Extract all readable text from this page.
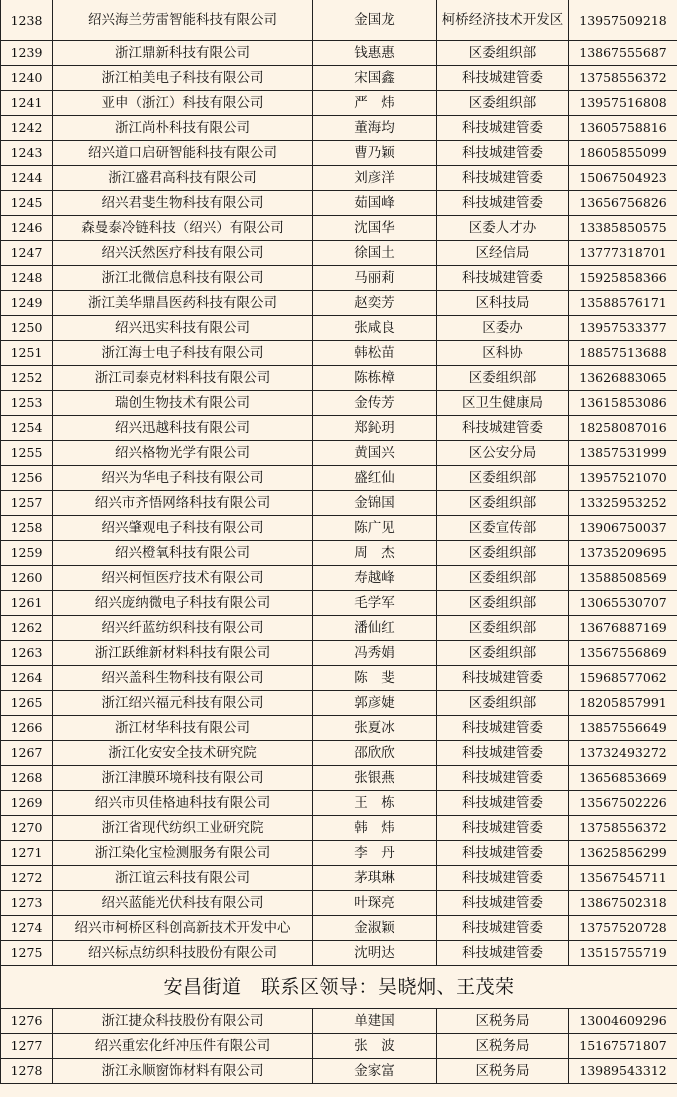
1238	绍兴海兰劳雷智能科技有限公司	金国龙	柯桥经济技术开发区	13957509218
1239	浙江鼎新科技有限公司	钱惠惠	区委组织部	13867555687
1240	浙江柏美电子科技有限公司	宋国鑫	科技城建管委	13758556372
1241	亚申（浙江）科技有限公司	严　炜	区委组织部	13957516808
1242	浙江尚朴科技有限公司	董海均	科技城建管委	13605758816
1243	绍兴道口启研智能科技有限公司	曹乃颖	科技城建管委	18605855099
1244	浙江盛君高科技有限公司	刘彦洋	科技城建管委	15067504923
1245	绍兴君斐生物科技有限公司	茹国峰	科技城建管委	13656756826
1246	森曼泰冷链科技（绍兴）有限公司	沈国华	区委人才办	13385850575
1247	绍兴沃然医疗科技有限公司	徐国土	区经信局	13777318701
1248	浙江北微信息科技有限公司	马丽莉	科技城建管委	15925858366
1249	浙江美华鼎昌医药科技有限公司	赵奕芳	区科技局	13588576171
1250	绍兴迅实科技有限公司	张咸良	区委办	13957533377
1251	浙江海士电子科技有限公司	韩松苗	区科协	18857513688
1252	浙江司泰克材料科技有限公司	陈栋樟	区委组织部	13626883065
1253	瑞创生物技术有限公司	金传芳	区卫生健康局	13615853086
1254	绍兴迅越科技有限公司	郑鈊玥	科技城建管委	18258087016
1255	绍兴格物光学有限公司	黄国兴	区公安分局	13857531999
1256	绍兴为华电子科技有限公司	盛红仙	区委组织部	13957521070
1257	绍兴市齐悟网络科技有限公司	金锦国	区委组织部	13325953252
1258	绍兴肇观电子科技有限公司	陈广见	区委宣传部	13906750037
1259	绍兴橙氧科技有限公司	周　杰	区委组织部	13735209695
1260	绍兴柯恒医疗技术有限公司	寿越峰	区委组织部	13588508569
1261	绍兴庞纳微电子科技有限公司	毛学军	区委组织部	13065530707
1262	绍兴纤蓝纺织科技有限公司	潘仙红	区委组织部	13676887169
1263	浙江跃维新材料科技有限公司	冯秀娟	区委组织部	13567556869
1264	绍兴盖科生物科技有限公司	陈　斐	科技城建管委	15968577062
1265	浙江绍兴福元科技有限公司	郭彦婕	区委组织部	18205857991
1266	浙江材华科技有限公司	张夏冰	科技城建管委	13857556649
1267	浙江化安安全技术研究院	邵欣欣	科技城建管委	13732493272
1268	浙江津膜环境科技有限公司	张银燕	科技城建管委	13656853669
1269	绍兴市贝佳格迪科技有限公司	王　栋	科技城建管委	13567502226
1270	浙江省现代纺织工业研究院	韩　炜	科技城建管委	13758556372
1271	浙江染化宝检测服务有限公司	李　丹	科技城建管委	13625856299
1272	浙江谊云科技有限公司	茅琪琳	科技城建管委	13567545711
1273	绍兴蓝能光伏科技有限公司	叶琛亮	科技城建管委	13867502318
1274	绍兴市柯桥区科创高新技术开发中心	金淑颖	科技城建管委	13757520728
1275	绍兴标点纺织科技股份有限公司	沈明达	科技城建管委	13515755719
安昌街道　联系区领导：吴晓炯、王茂荣				
1276	浙江捷众科技股份有限公司	单建国	区税务局	13004609296
1277	绍兴重宏化纤冲压件有限公司	张　波	区税务局	15167571807
1278	浙江永顺窗饰材料有限公司	金家富	区税务局	13989543312
